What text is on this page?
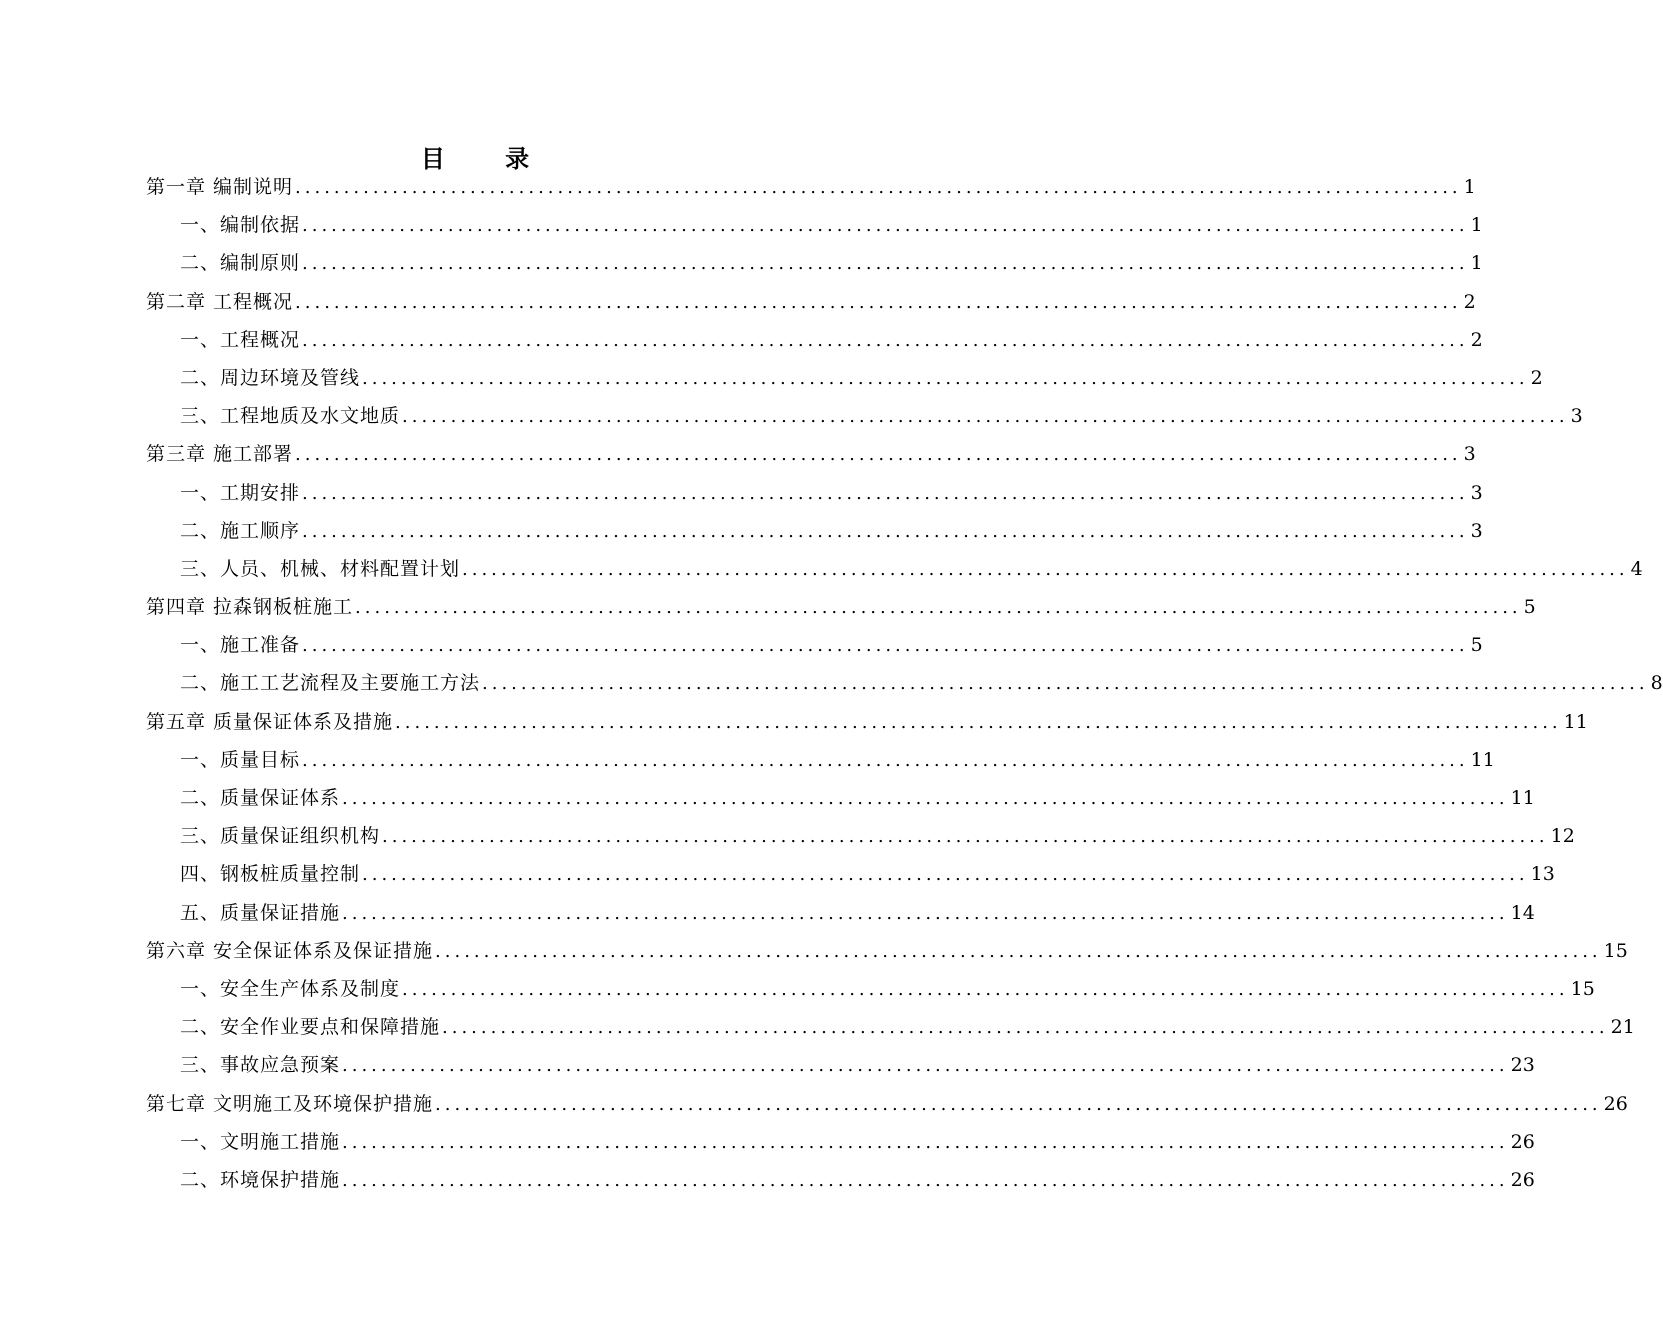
目 录
第一章 编制说明 ........................................................................................................................ 1
一、编制依据 ........................................................................................................................ 1
二、编制原则 ........................................................................................................................ 1
第二章 工程概况 ........................................................................................................................ 2
一、工程概况 ........................................................................................................................ 2
二、周边环境及管线 ........................................................................................................................ 2
三、工程地质及水文地质 ........................................................................................................................ 3
第三章 施工部署 ........................................................................................................................ 3
一、工期安排 ........................................................................................................................ 3
二、施工顺序 ........................................................................................................................ 3
三、人员、机械、材料配置计划 ........................................................................................................................ 4
第四章 拉森钢板桩施工 ........................................................................................................................ 5
一、施工准备 ........................................................................................................................ 5
二、施工工艺流程及主要施工方法 ........................................................................................................................ 8
第五章 质量保证体系及措施 ........................................................................................................................ 11
一、质量目标 ........................................................................................................................ 11
二、质量保证体系 ........................................................................................................................ 11
三、质量保证组织机构 ........................................................................................................................ 12
四、钢板桩质量控制 ........................................................................................................................ 13
五、质量保证措施 ........................................................................................................................ 14
第六章 安全保证体系及保证措施 ........................................................................................................................ 15
一、安全生产体系及制度 ........................................................................................................................ 15
二、安全作业要点和保障措施 ........................................................................................................................ 21
三、事故应急预案 ........................................................................................................................ 23
第七章 文明施工及环境保护措施 ........................................................................................................................ 26
一、文明施工措施 ........................................................................................................................ 26
二、环境保护措施 ........................................................................................................................ 26
